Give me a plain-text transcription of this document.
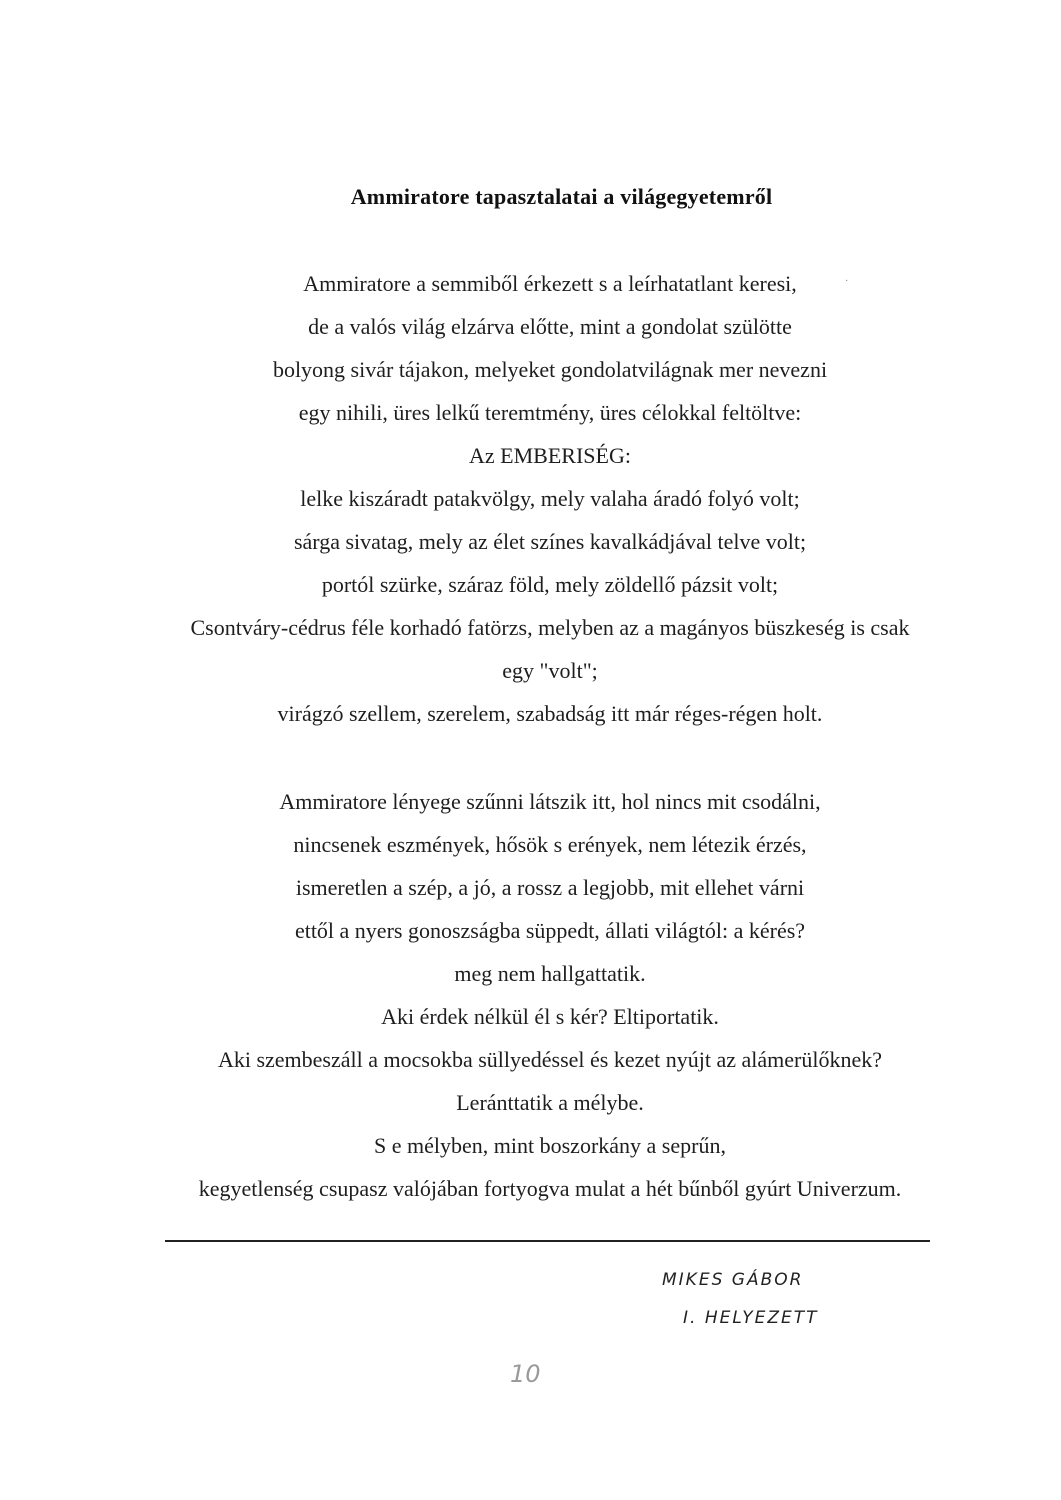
Ammiratore tapasztalatai a világegyetemről
Ammiratore a semmiből érkezett s a leírhatatlant keresi,
de a valós világ elzárva előtte, mint a gondolat szülötte
bolyong sivár tájakon, melyeket gondolatvilágnak mer nevezni
egy nihili, üres lelkű teremtmény, üres célokkal feltöltve:
Az EMBERISÉG:
lelke kiszáradt patakvölgy, mely valaha áradó folyó volt;
sárga sivatag, mely az élet színes kavalkádjával telve volt;
portól szürke, száraz föld, mely zöldellő pázsit volt;
Csontváry-cédrus féle korhadó fatörzs, melyben az a magányos büszkeség is csak
egy "volt";
virágzó szellem, szerelem, szabadság itt már réges-régen holt.
·
Ammiratore lényege szűnni látszik itt, hol nincs mit csodálni,
nincsenek eszmények, hősök s erények, nem létezik érzés,
ismeretlen a szép, a jó, a rossz a legjobb, mit ellehet várni
ettől a nyers gonoszságba süppedt, állati világtól: a kérés?
meg nem hallgattatik.
Aki érdek nélkül él s kér? Eltiportatik.
Aki szembeszáll a mocsokba süllyedéssel és kezet nyújt az alámerülőknek?
Leránttatik a mélybe.
S e mélyben, mint boszorkány a seprűn,
kegyetlenség csupasz valójában fortyogva mulat a hét bűnből gyúrt Univerzum.
MIKES GÁBOR
I. HELYEZETT
10
